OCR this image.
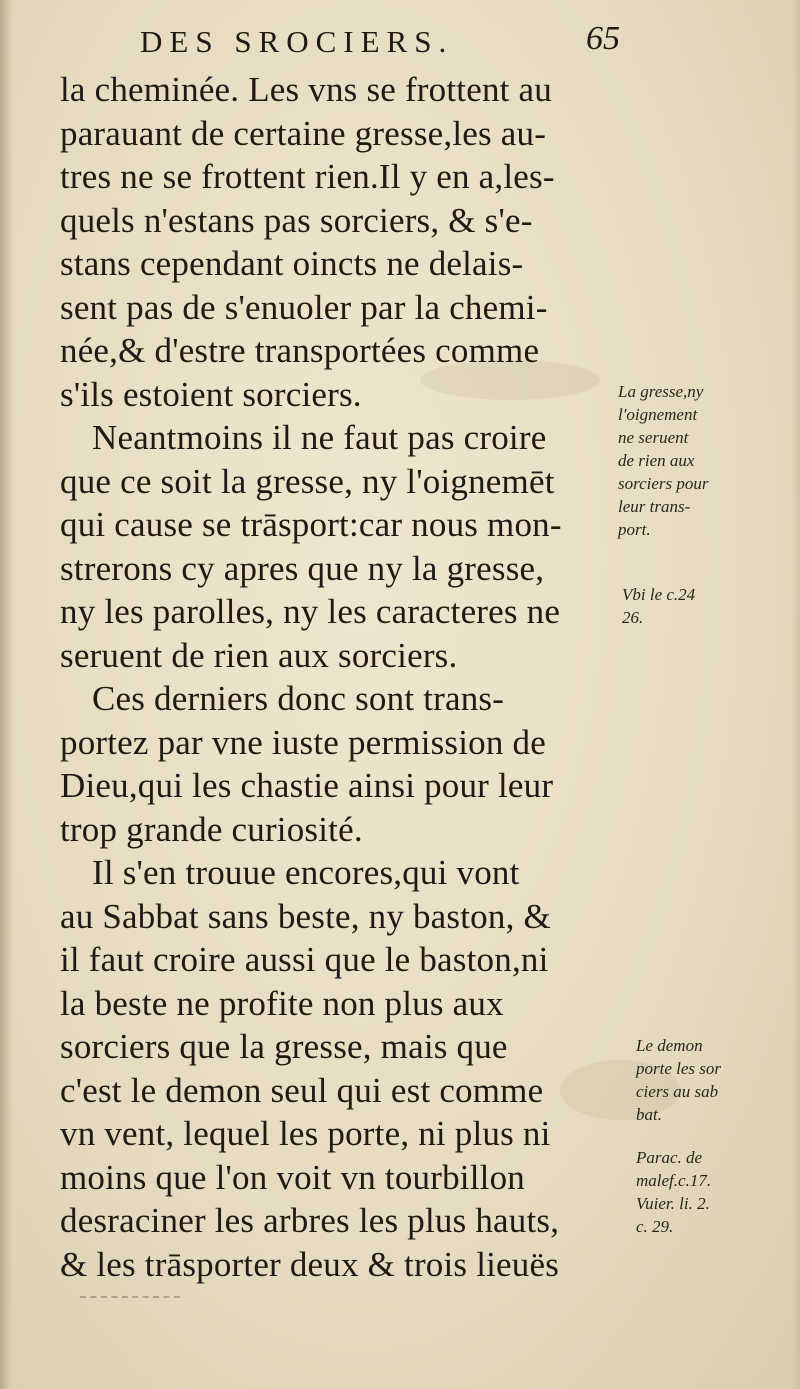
DES SROCIERS.	65
la cheminée. Les vns se frottent au
parauant de certaine gresse,les au-
tres ne se frottent rien.Il y en a,les-
quels n'estans pas sorciers, & s'e-
stans cependant oincts ne delais-
sent pas de s'enuoler par la chemi-
née,& d'estre transportées comme
s'ils estoient sorciers.
Neantmoins il ne faut pas croire
que ce soit la gresse, ny l'oignemēt
qui cause se trāsport:car nous mon-
strerons cy apres que ny la gresse,
ny les parolles, ny les caracteres ne
seruent de rien aux sorciers.
Ces derniers donc sont trans-
portez par vne iuste permission de
Dieu,qui les chastie ainsi pour leur
trop grande curiosité.
Il s'en trouue encores,qui vont
au Sabbat sans beste, ny baston, &
il faut croire aussi que le baston,ni
la beste ne profite non plus aux
sorciers que la gresse, mais que
c'est le demon seul qui est comme
vn vent, lequel les porte, ni plus ni
moins que l'on voit vn tourbillon
desraciner les arbres les plus hauts,
& les trāsporter deux & trois lieuës
La gresse,ny
l'oignement
ne seruent
de rien aux
sorciers pour
leur trans-
port.
Vbi le c.24
26.
Le demon
porte les sor
ciers au sab
bat.
Parac. de
malef.c.17.
Vuier. li. 2.
c. 29.
